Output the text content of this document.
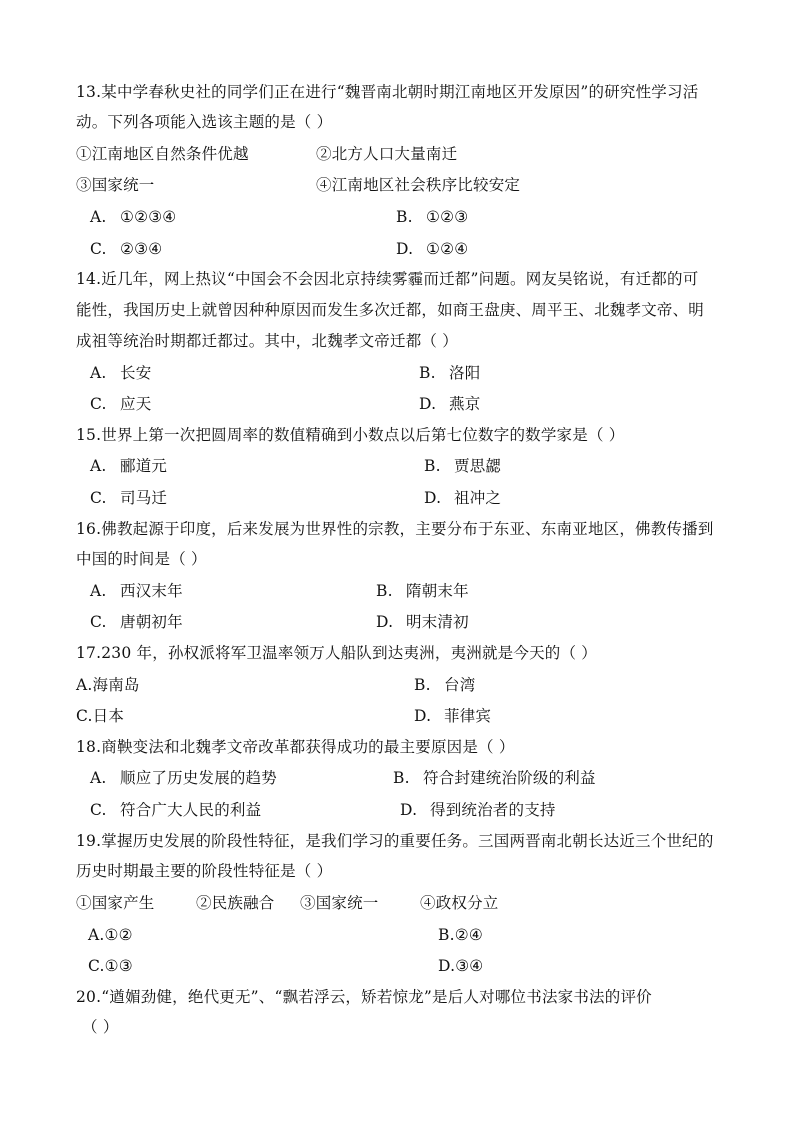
13.某中学春秋史社的同学们正在进行“魏晋南北朝时期江南地区开发原因”的研究性学习活
动。下列各项能入选该主题的是（ ）
①江南地区自然条件优越	②北方人口大量南迁
③国家统一	④江南地区社会秩序比较安定
A. ①②③④	B. ①②③
C. ②③④	D. ①②④
14.近几年，网上热议“中国会不会因北京持续雾霾而迁都”问题。网友吴铭说，有迁都的可
能性，我国历史上就曾因种种原因而发生多次迁都，如商王盘庚、周平王、北魏孝文帝、明
成祖等统治时期都迁都过。其中，北魏孝文帝迁都（ ）
A. 长安	B. 洛阳
C. 应天	D. 燕京
15.世界上第一次把圆周率的数值精确到小数点以后第七位数字的数学家是（ ）
A. 郦道元	B. 贾思勰
C. 司马迁	D. 祖冲之
16.佛教起源于印度，后来发展为世界性的宗教，主要分布于东亚、东南亚地区，佛教传播到
中国的时间是（ ）
A. 西汉末年	B. 隋朝末年
C. 唐朝初年	D. 明末清初
17.230 年，孙权派将军卫温率领万人船队到达夷洲，夷洲就是今天的（ ）
A.海南岛	B. 台湾
C.日本	D. 菲律宾
18.商鞅变法和北魏孝文帝改革都获得成功的最主要原因是（ ）
A. 顺应了历史发展的趋势	B. 符合封建统治阶级的利益
C. 符合广大人民的利益	D. 得到统治者的支持
19.掌握历史发展的阶段性特征，是我们学习的重要任务。三国两晋南北朝长达近三个世纪的
历史时期最主要的阶段性特征是（ ）
①国家产生	②民族融合 ③国家统一	④政权分立
A.①②	B.②④
C.①③	D.③④
20.“遒媚劲健，绝代更无”、“飘若浮云，矫若惊龙”是后人对哪位书法家书法的评价
（ ）
